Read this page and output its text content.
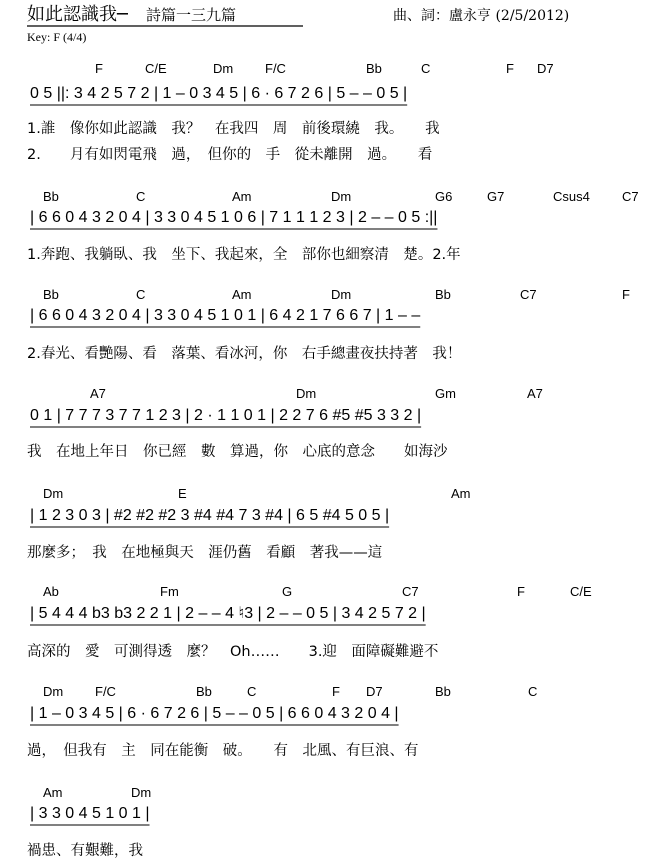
如此認識我─ 詩篇一三九篇	曲、詞：盧永亨 (2/5/2012)
Key: F (4/4)
F	C/E	Dm F/C	Bb	C	F D7
0 5 ||: 3 4 2 5 7 2 | 1 – 0 3 4 5 | 6 · 6 7 2 6 | 5 – – 0 5 |
1.誰　像你如此認識　我？　在我四　周　前後環繞　我。　　我
2.　　月有如閃電飛　過，　但你的　手　從未離開　過。　　看
Bb	C	Am	Dm	G6	G7	Csus4 C7
| 6 6 0 4 3 2 0 4 | 3 3 0 4 5 1 0 6 | 7 1 1 1 2 3 | 2 – – 0 5 :||
1.奔跑、我躺臥、我　坐下、我起來，全　部你也細察清　楚。2.年
Bb	C	Am	Dm	Bb	C7	F
| 6 6 0 4 3 2 0 4 | 3 3 0 4 5 1 0 1 | 6 4 2 1 7 6 6 7 | 1 – –
2.春光、看艷陽、看　落葉、看冰河，你　右手總畫夜扶持著　我！
A7	Dm	Gm	A7
0 1 | 7 7 7 3 7 7 1 2 3 | 2 · 1 1 0 1 | 2 2 7 6 #5 #5 3 3 2 |
我　在地上年日　你已經　數　算過，你　心底的意念　　如海沙
Dm	E	Am
| 1 2 3 0 3 | #2 #2 #2 3 #4 #4 7 3 #4 | 6 5 #4 5 0 5 |
那麼多；　我　在地極與天　涯仍舊　看顧　著我——這
Ab	Fm	G	C7	F	C/E
| 5 4 4 4 b3 b3 2 2 1 | 2 – – 4 ♮3 | 2 – – 0 5 | 3 4 2 5 7 2 |
高深的　愛　可測得透　麼？　Oh……　　3.迎　面障礙難避不
Dm F/C	Bb	C	F D7	Bb	C
| 1 – 0 3 4 5 | 6 · 6 7 2 6 | 5 – – 0 5 | 6 6 0 4 3 2 0 4 |
過，　但我有　主　同在能衡　破。　　有　北風、有巨浪、有
Am	Dm
| 3 3 0 4 5 1 0 1 |
禍患、有艱難，我
